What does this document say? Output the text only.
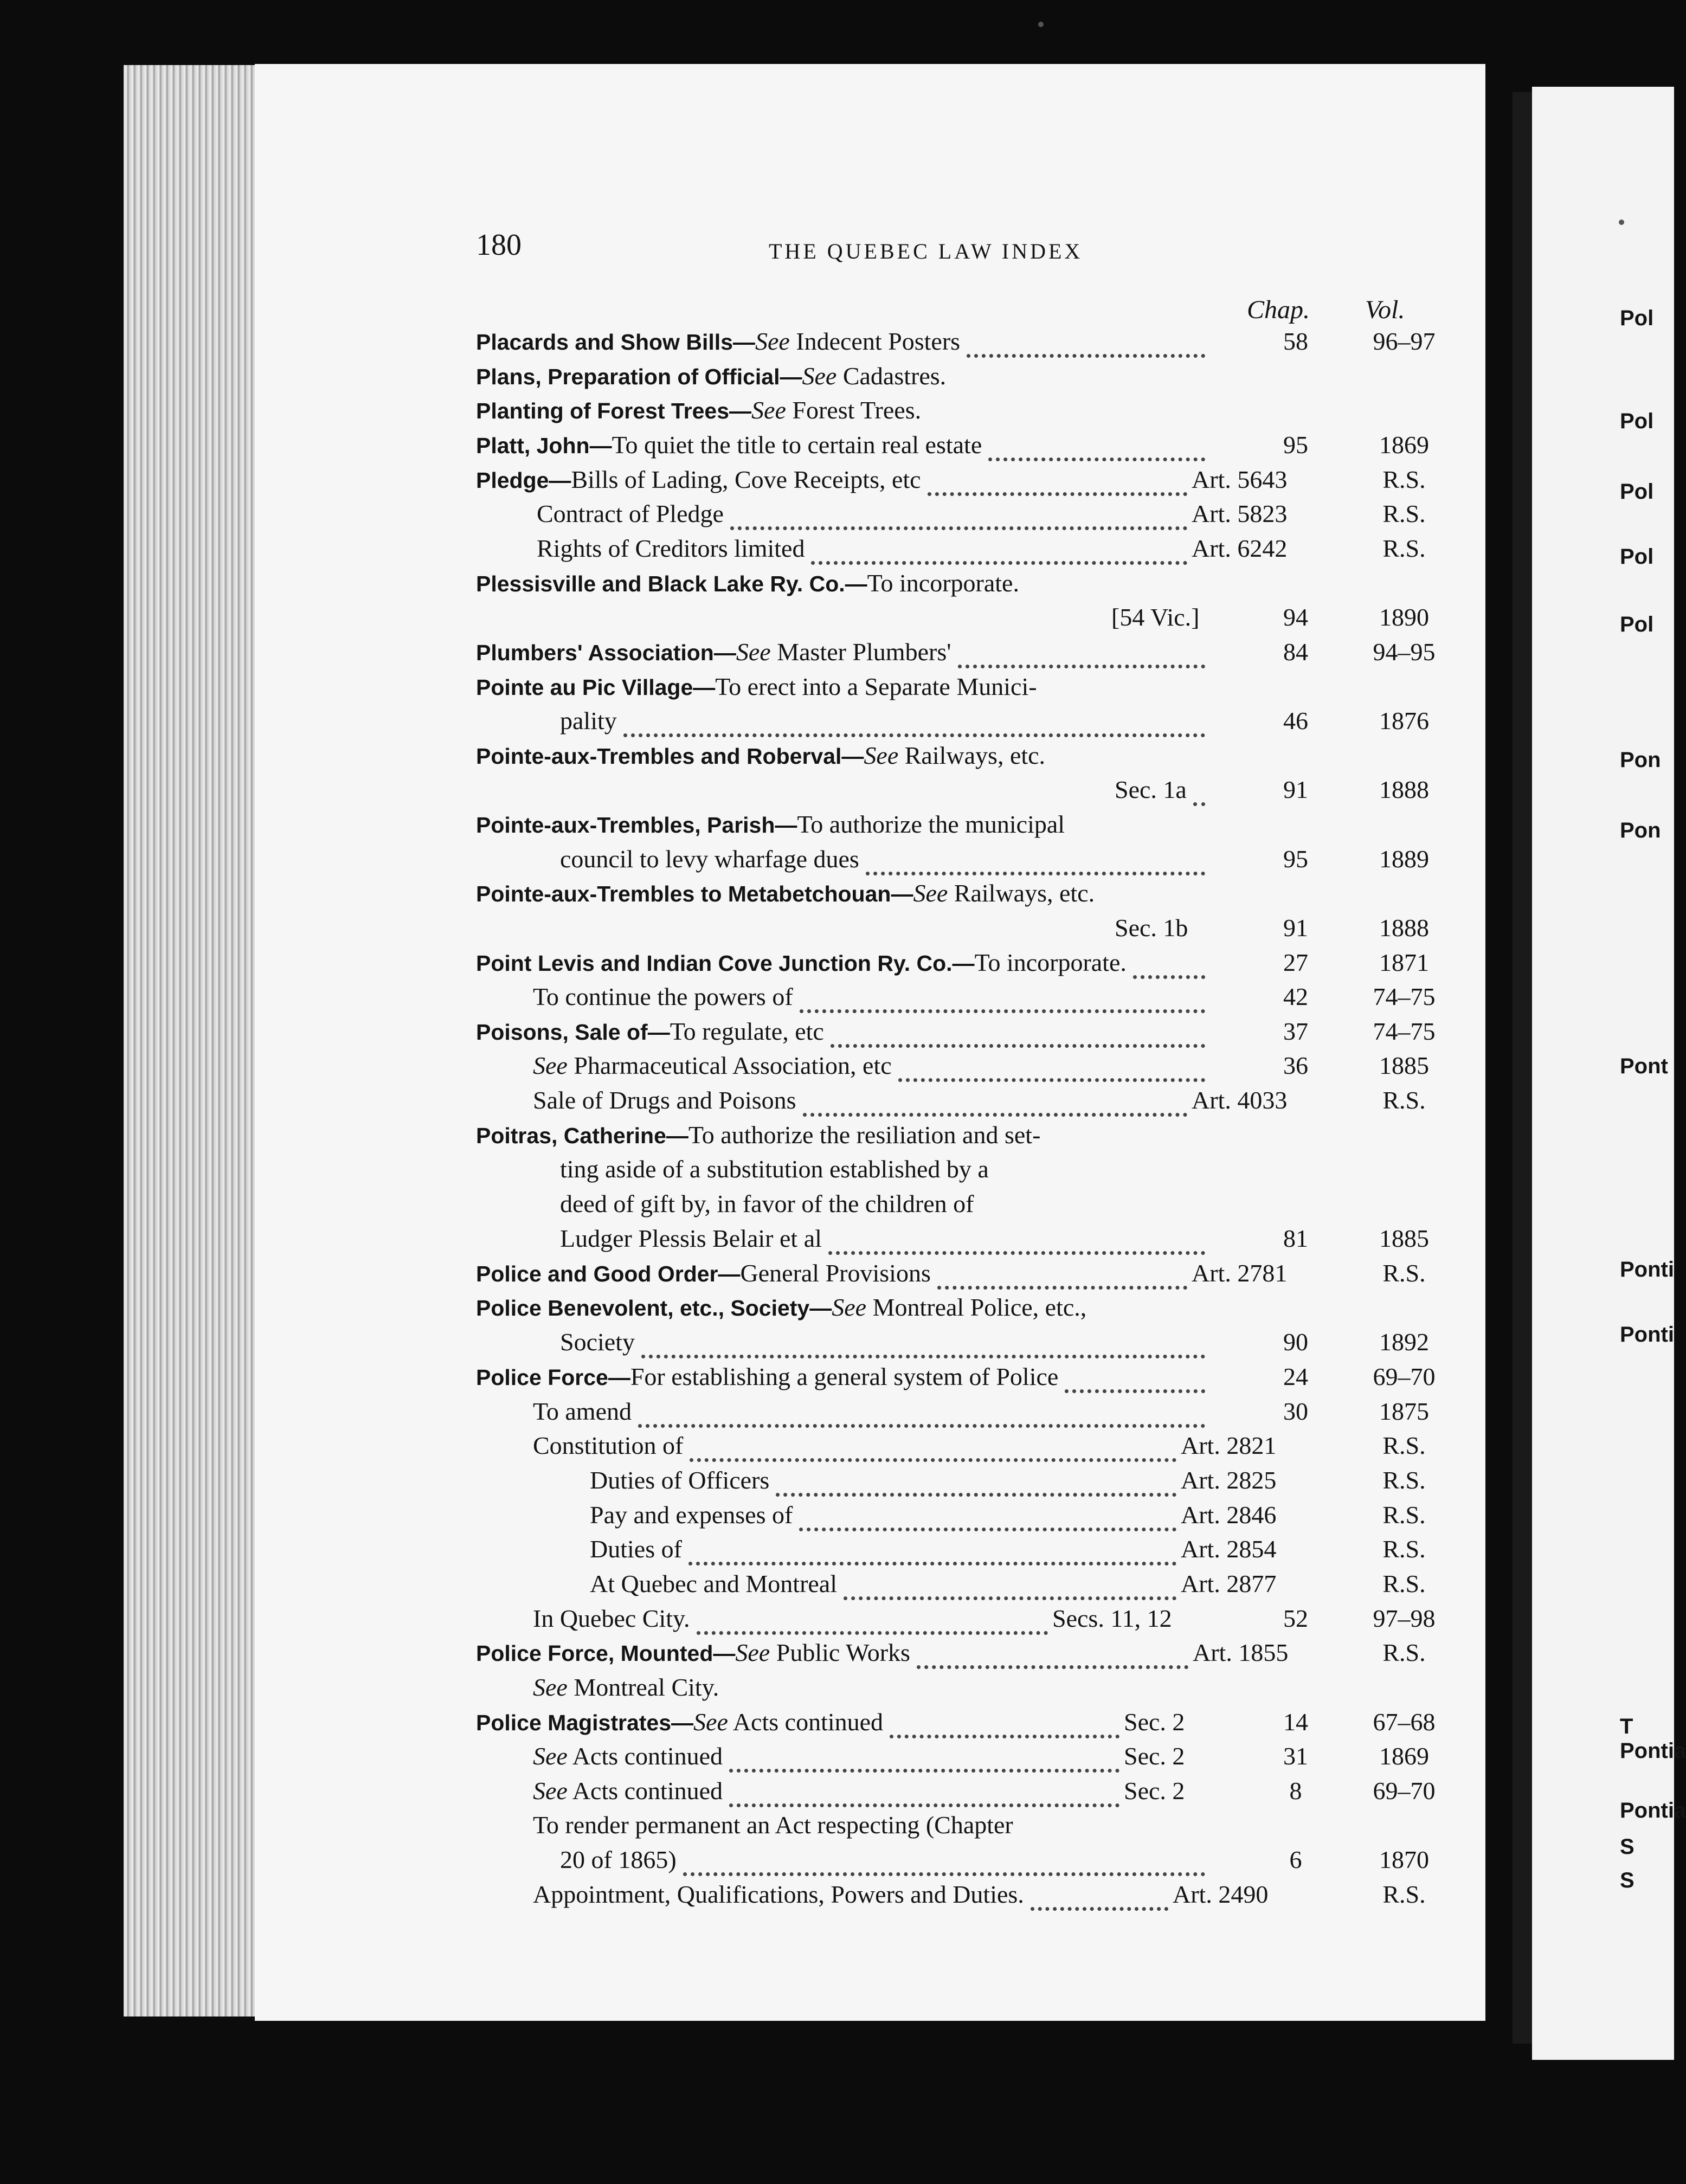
180	THE QUEBEC LAW INDEX
Chap. Vol.
Placards and Show Bills—See Indecent Posters	58	96–97
Plans, Preparation of Official—See Cadastres.
Planting of Forest Trees—See Forest Trees.
Platt, John—To quiet the title to certain real estate	95	1869
Pledge—Bills of Lading, Cove Receipts, etc	Art. 5643	R.S.
Contract of Pledge	Art. 5823	R.S.
Rights of Creditors limited	Art. 6242	R.S.
Plessisville and Black Lake Ry. Co.—To incorporate.
[54 Vic.]	94	1890
Plumbers' Association—See Master Plumbers'	84	94–95
Pointe au Pic Village—To erect into a Separate Munici-
pality	46	1876
Pointe-aux-Trembles and Roberval—See Railways, etc.
Sec. 1a	91	1888
Pointe-aux-Trembles, Parish—To authorize the municipal
council to levy wharfage dues	95	1889
Pointe-aux-Trembles to Metabetchouan—See Railways, etc.
Sec. 1b	91	1888
Point Levis and Indian Cove Junction Ry. Co.—To incorporate.	27	1871
To continue the powers of	42	74–75
Poisons, Sale of—To regulate, etc	37	74–75
See Pharmaceutical Association, etc	36	1885
Sale of Drugs and Poisons	Art. 4033	R.S.
Poitras, Catherine—To authorize the resiliation and set-
ting aside of a substitution established by a
deed of gift by, in favor of the children of
Ludger Plessis Belair et al	81	1885
Police and Good Order—General Provisions	Art. 2781	R.S.
Police Benevolent, etc., Society—See Montreal Police, etc.,
Society	90	1892
Police Force—For establishing a general system of Police	24	69–70
To amend	30	1875
Constitution of	Art. 2821	R.S.
Duties of Officers	Art. 2825	R.S.
Pay and expenses of	Art. 2846	R.S.
Duties of	Art. 2854	R.S.
At Quebec and Montreal	Art. 2877	R.S.
In Quebec City.	Secs. 11, 12	52	97–98
Police Force, Mounted—See Public Works	Art. 1855	R.S.
See Montreal City.
Police Magistrates—See Acts continued	Sec. 2	14	67–68
See Acts continued	Sec. 2	31	1869
See Acts continued	Sec. 2	8	69–70
To render permanent an Act respecting (Chapter
20 of 1865)	6	1870
Appointment, Qualifications, Powers and Duties.	Art. 2490	R.S.
Pol
Pol
Pol
Pol
Pol
Pon
Pon
Pont
Ponti
Ponti
T
Pontia
Pontia
S
S
